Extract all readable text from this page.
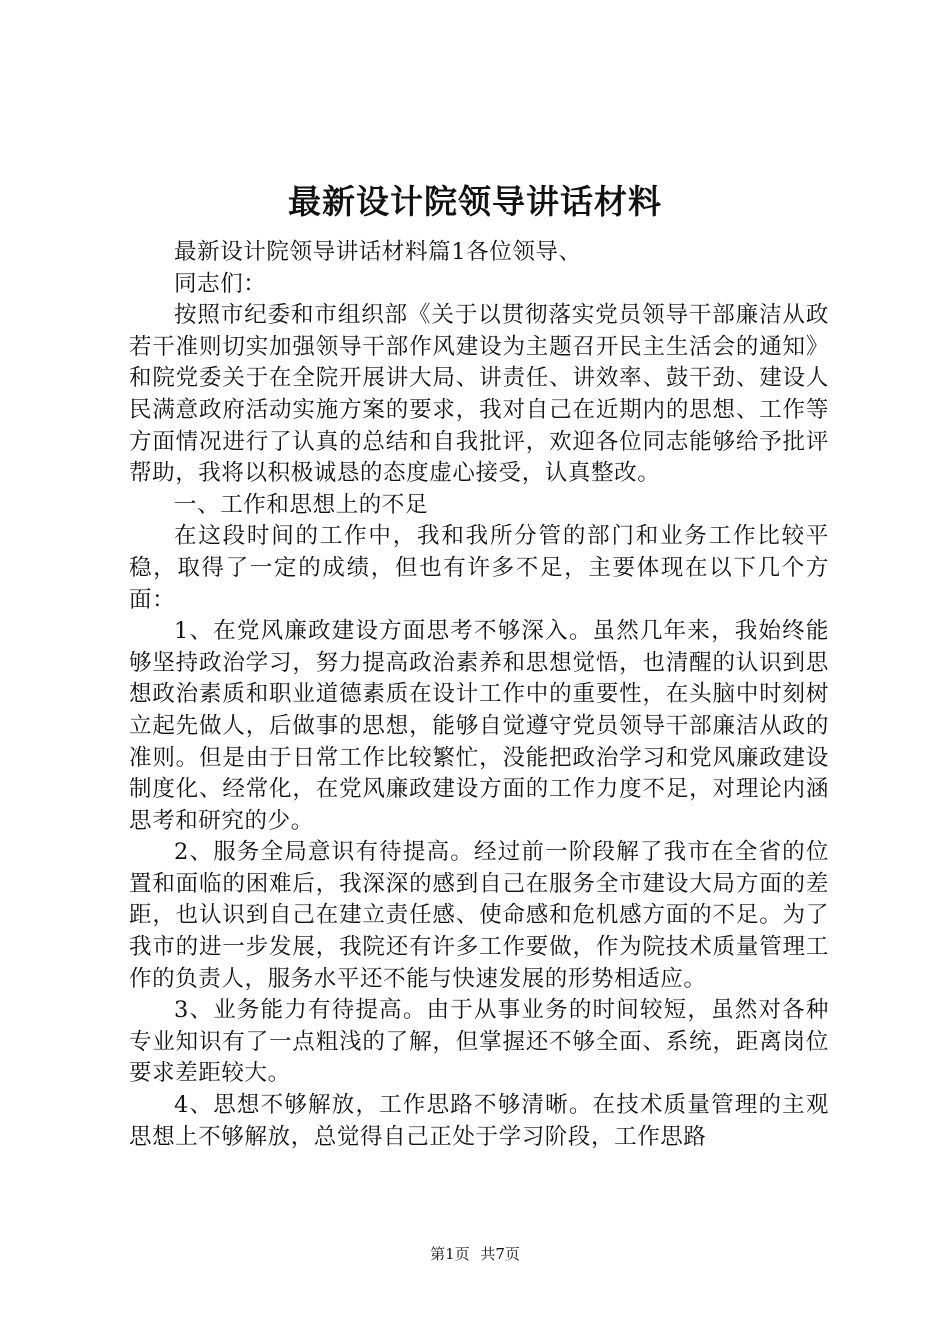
最新设计院领导讲话材料

最新设计院领导讲话材料篇1各位领导、

同志们：

按照市纪委和市组织部《关于以贯彻落实党员领导干部廉洁从政若干准则切实加强领导干部作风建设为主题召开民主生活会的通知》和院党委关于在全院开展讲大局、讲责任、讲效率、鼓干劲、建设人民满意政府活动实施方案的要求，我对自己在近期内的思想、工作等方面情况进行了认真的总结和自我批评，欢迎各位同志能够给予批评帮助，我将以积极诚恳的态度虚心接受，认真整改。

一、工作和思想上的不足

在这段时间的工作中，我和我所分管的部门和业务工作比较平稳，取得了一定的成绩，但也有许多不足，主要体现在以下几个方面：

1、在党风廉政建设方面思考不够深入。虽然几年来，我始终能够坚持政治学习，努力提高政治素养和思想觉悟，也清醒的认识到思想政治素质和职业道德素质在设计工作中的重要性，在头脑中时刻树立起先做人，后做事的思想，能够自觉遵守党员领导干部廉洁从政的准则。但是由于日常工作比较繁忙，没能把政治学习和党风廉政建设制度化、经常化，在党风廉政建设方面的工作力度不足，对理论内涵思考和研究的少。

2、服务全局意识有待提高。经过前一阶段解了我市在全省的位置和面临的困难后，我深深的感到自己在服务全市建设大局方面的差距，也认识到自己在建立责任感、使命感和危机感方面的不足。为了我市的进一步发展，我院还有许多工作要做，作为院技术质量管理工作的负责人，服务水平还不能与快速发展的形势相适应。

3、业务能力有待提高。由于从事业务的时间较短，虽然对各种专业知识有了一点粗浅的了解，但掌握还不够全面、系统，距离岗位要求差距较大。

4、思想不够解放，工作思路不够清晰。在技术质量管理的主观思想上不够解放，总觉得自己正处于学习阶段，工作思路

第1页 共7页
